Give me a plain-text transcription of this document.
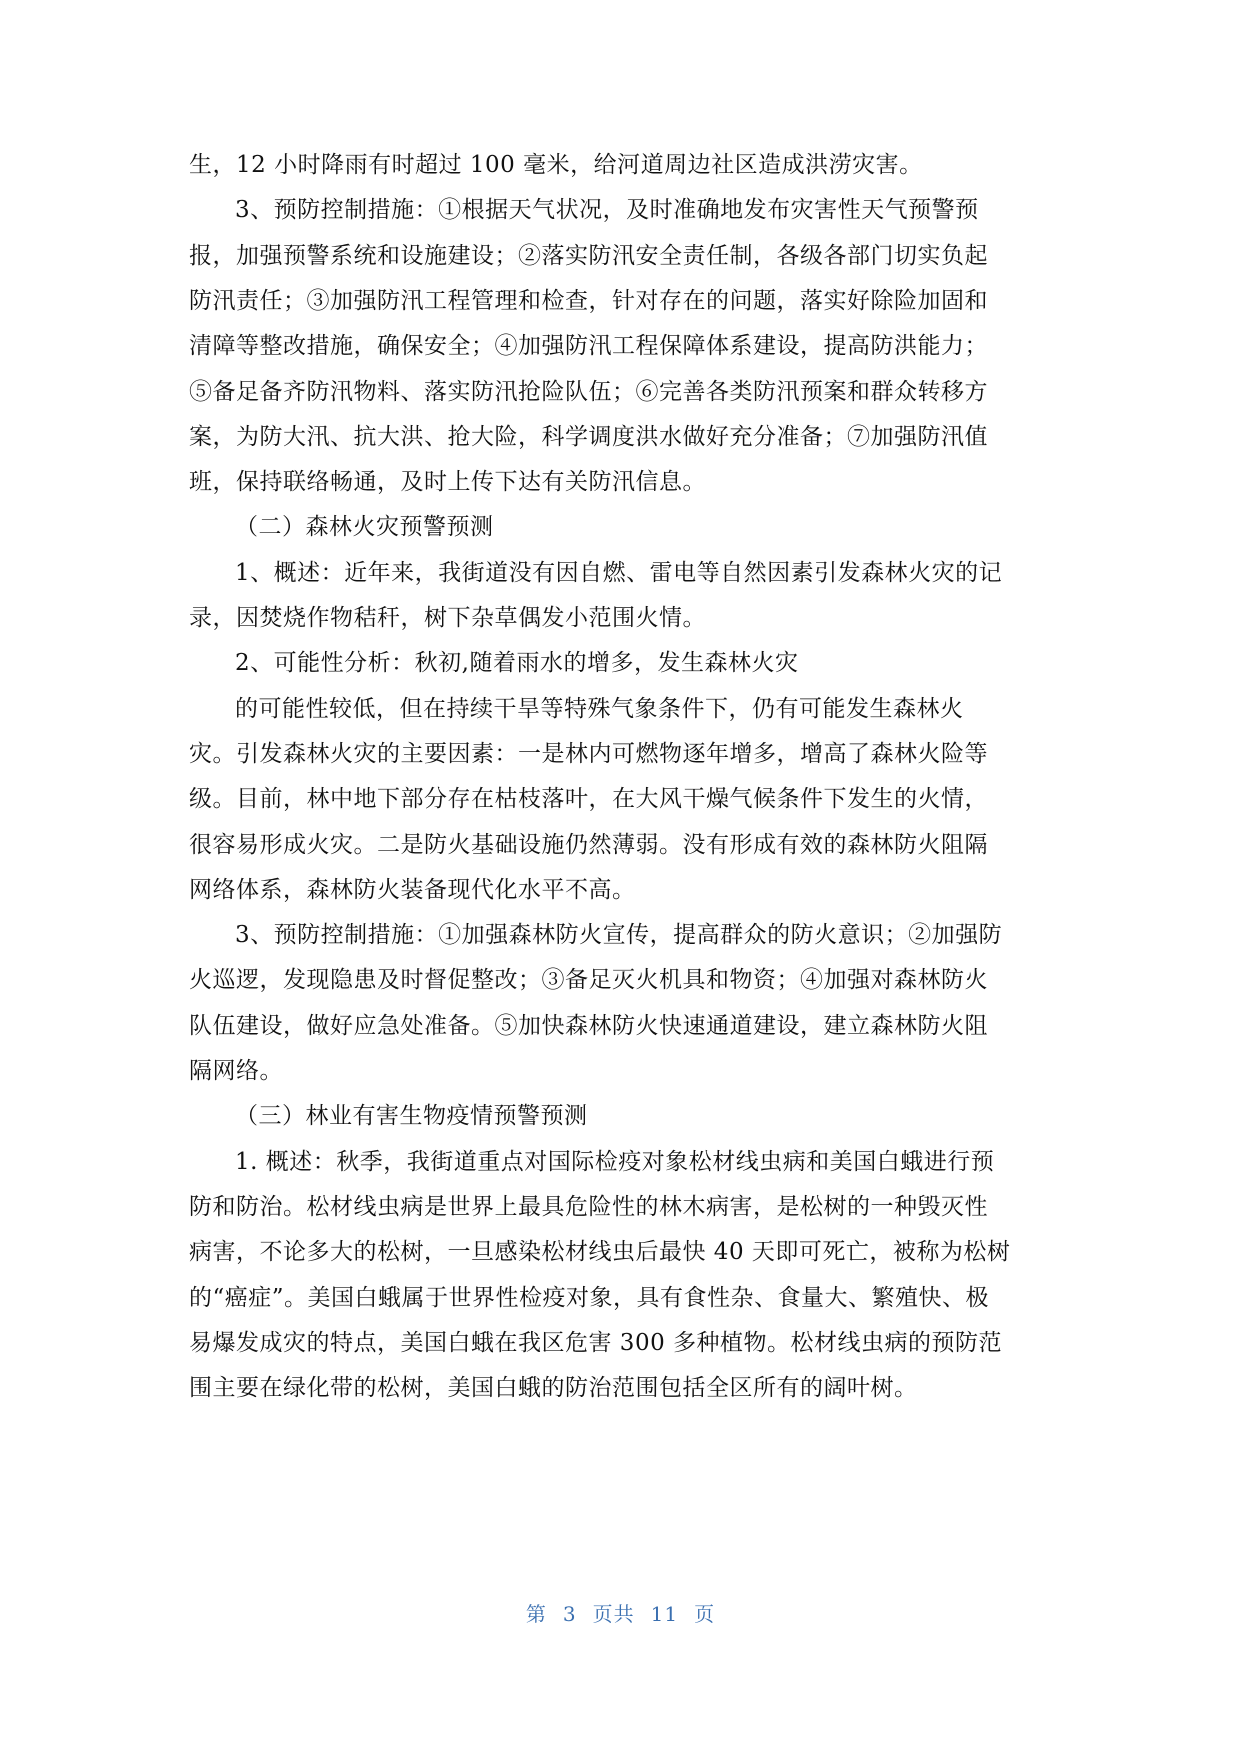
生，12 小时降雨有时超过 100 毫米，给河道周边社区造成洪涝灾害。
3、预防控制措施：①根据天气状况，及时准确地发布灾害性天气预警预
报，加强预警系统和设施建设；②落实防汛安全责任制，各级各部门切实负起
防汛责任；③加强防汛工程管理和检查，针对存在的问题，落实好除险加固和
清障等整改措施，确保安全；④加强防汛工程保障体系建设，提高防洪能力；
⑤备足备齐防汛物料、落实防汛抢险队伍；⑥完善各类防汛预案和群众转移方
案，为防大汛、抗大洪、抢大险，科学调度洪水做好充分准备；⑦加强防汛值
班，保持联络畅通，及时上传下达有关防汛信息。
（二）森林火灾预警预测
1、概述：近年来，我街道没有因自燃、雷电等自然因素引发森林火灾的记
录，因焚烧作物秸秆，树下杂草偶发小范围火情。
2、可能性分析：秋初,随着雨水的增多，发生森林火灾
的可能性较低，但在持续干旱等特殊气象条件下，仍有可能发生森林火
灾。引发森林火灾的主要因素：一是林内可燃物逐年增多，增高了森林火险等
级。目前，林中地下部分存在枯枝落叶，在大风干燥气候条件下发生的火情，
很容易形成火灾。二是防火基础设施仍然薄弱。没有形成有效的森林防火阻隔
网络体系，森林防火装备现代化水平不高。
3、预防控制措施：①加强森林防火宣传，提高群众的防火意识；②加强防
火巡逻，发现隐患及时督促整改；③备足灭火机具和物资；④加强对森林防火
队伍建设，做好应急处准备。⑤加快森林防火快速通道建设，建立森林防火阻
隔网络。
（三）林业有害生物疫情预警预测
1. 概述：秋季，我街道重点对国际检疫对象松材线虫病和美国白蛾进行预
防和防治。松材线虫病是世界上最具危险性的林木病害，是松树的一种毁灭性
病害，不论多大的松树，一旦感染松材线虫后最快 40 天即可死亡，被称为松树
的“癌症”。美国白蛾属于世界性检疫对象，具有食性杂、食量大、繁殖快、极
易爆发成灾的特点，美国白蛾在我区危害 300 多种植物。松材线虫病的预防范
围主要在绿化带的松树，美国白蛾的防治范围包括全区所有的阔叶树。
第 3 页共 11 页
